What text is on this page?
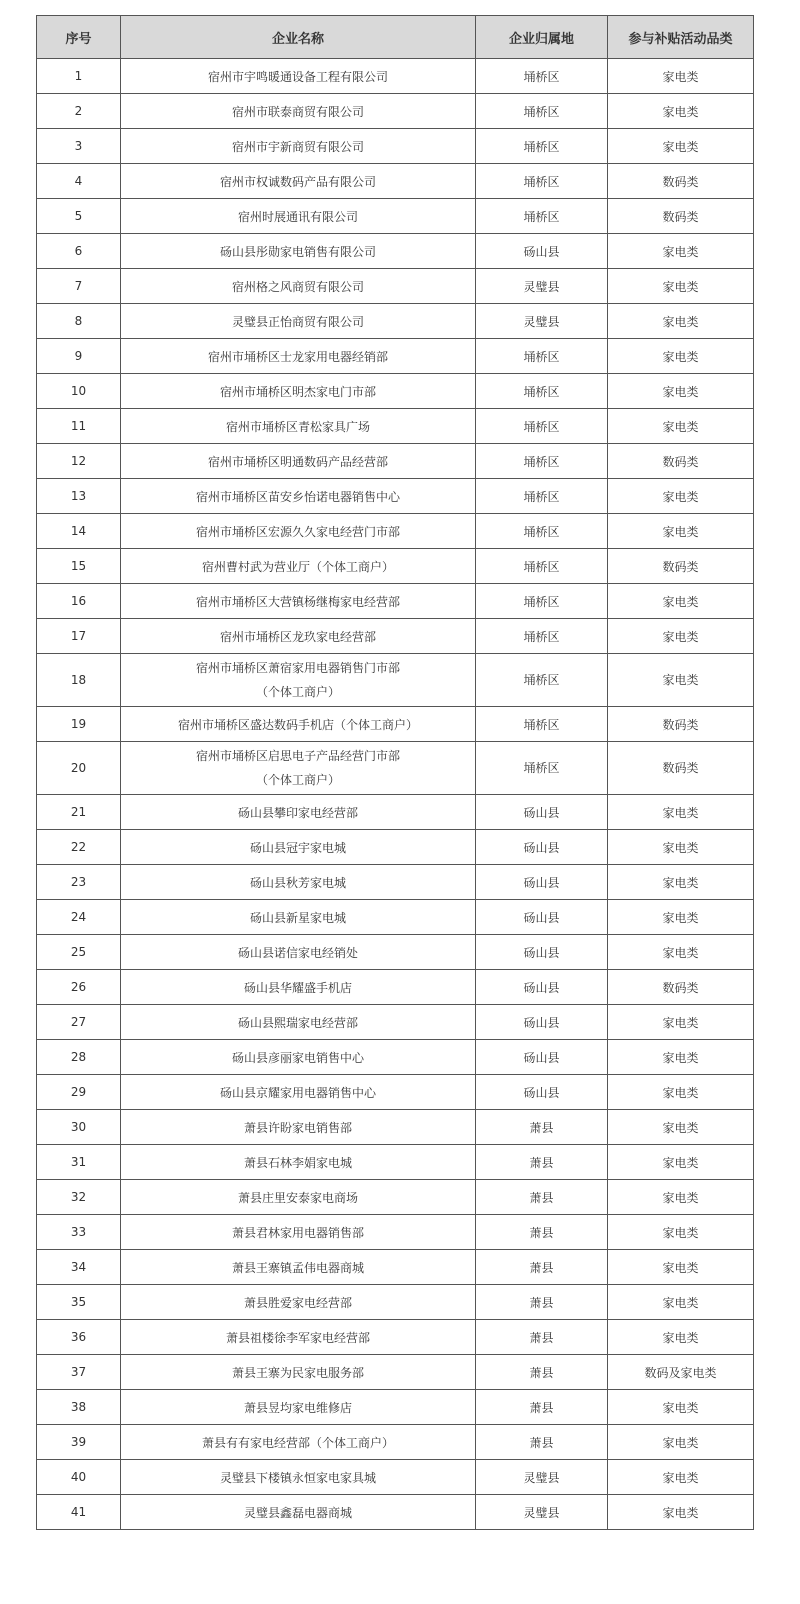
序号	企业名称	企业归属地	参与补贴活动品类
1	宿州市宇鸣暖通设备工程有限公司	埇桥区	家电类
2	宿州市联泰商贸有限公司	埇桥区	家电类
3	宿州市宇新商贸有限公司	埇桥区	家电类
4	宿州市权诚数码产品有限公司	埇桥区	数码类
5	宿州时展通讯有限公司	埇桥区	数码类
6	砀山县彤勋家电销售有限公司	砀山县	家电类
7	宿州格之风商贸有限公司	灵璧县	家电类
8	灵璧县正怡商贸有限公司	灵璧县	家电类
9	宿州市埇桥区士龙家用电器经销部	埇桥区	家电类
10	宿州市埇桥区明杰家电门市部	埇桥区	家电类
11	宿州市埇桥区青松家具广场	埇桥区	家电类
12	宿州市埇桥区明通数码产品经营部	埇桥区	数码类
13	宿州市埇桥区苗安乡怡诺电器销售中心	埇桥区	家电类
14	宿州市埇桥区宏源久久家电经营门市部	埇桥区	家电类
15	宿州曹村武为营业厅（个体工商户）	埇桥区	数码类
16	宿州市埇桥区大营镇杨继梅家电经营部	埇桥区	家电类
17	宿州市埇桥区龙玖家电经营部	埇桥区	家电类
18	宿州市埇桥区萧宿家用电器销售门市部
（个体工商户）	埇桥区	家电类
19	宿州市埇桥区盛达数码手机店（个体工商户）	埇桥区	数码类
20	宿州市埇桥区启思电子产品经营门市部
（个体工商户）	埇桥区	数码类
21	砀山县攀印家电经营部	砀山县	家电类
22	砀山县冠宇家电城	砀山县	家电类
23	砀山县秋芳家电城	砀山县	家电类
24	砀山县新星家电城	砀山县	家电类
25	砀山县诺信家电经销处	砀山县	家电类
26	砀山县华耀盛手机店	砀山县	数码类
27	砀山县熙瑞家电经营部	砀山县	家电类
28	砀山县彦丽家电销售中心	砀山县	家电类
29	砀山县京耀家用电器销售中心	砀山县	家电类
30	萧县许盼家电销售部	萧县	家电类
31	萧县石林李娟家电城	萧县	家电类
32	萧县庄里安泰家电商场	萧县	家电类
33	萧县君林家用电器销售部	萧县	家电类
34	萧县王寨镇孟伟电器商城	萧县	家电类
35	萧县胜爱家电经营部	萧县	家电类
36	萧县祖楼徐李军家电经营部	萧县	家电类
37	萧县王寨为民家电服务部	萧县	数码及家电类
38	萧县昱均家电维修店	萧县	家电类
39	萧县有有家电经营部（个体工商户）	萧县	家电类
40	灵璧县下楼镇永恒家电家具城	灵璧县	家电类
41	灵璧县鑫磊电器商城	灵璧县	家电类
